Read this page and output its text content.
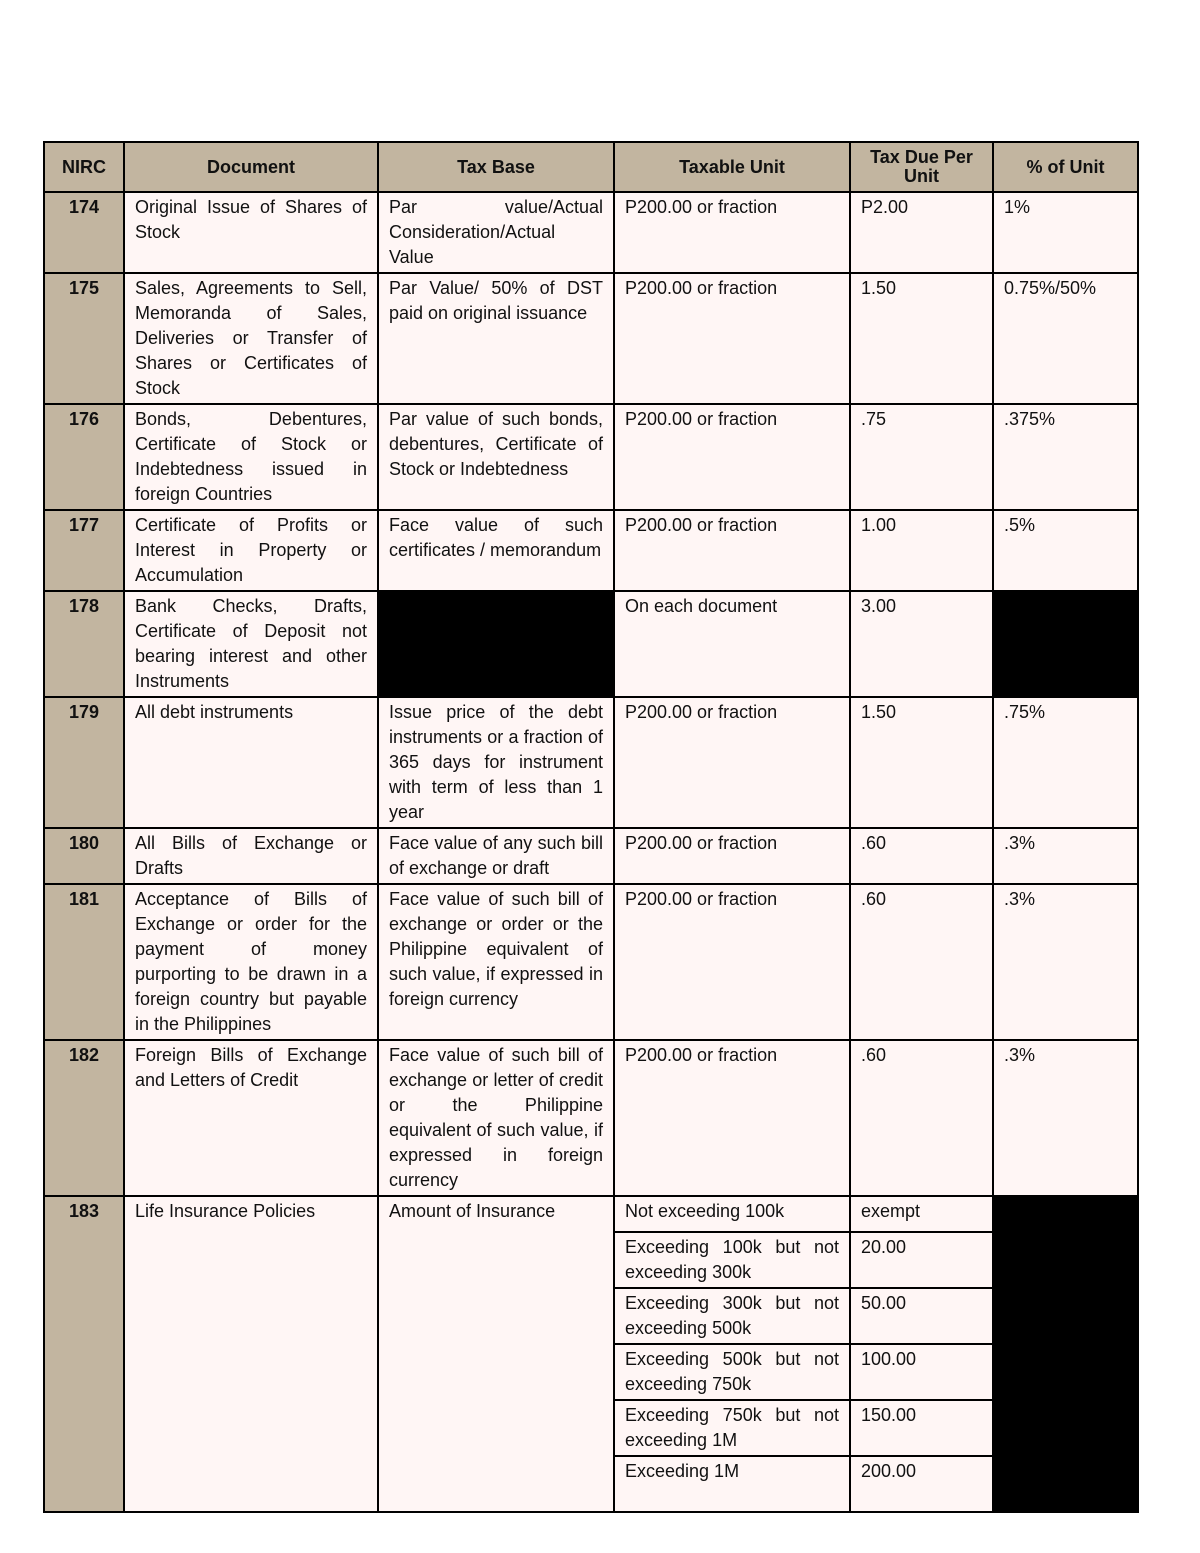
NIRC	Document	Tax Base	Taxable Unit	Tax Due Per Unit	% of Unit
174	Original Issue of Shares of Stock	Par value/Actual Consideration/Actual Value	P200.00 or fraction	P2.00	1%
175	Sales, Agreements to Sell, Memoranda of Sales, Deliveries or Transfer of Shares or Certificates of Stock	Par Value/ 50% of DST paid on original issuance	P200.00 or fraction	1.50	0.75%/50%
176	Bonds, Debentures, Certificate of Stock or Indebtedness issued in foreign Countries	Par value of such bonds, debentures, Certificate of Stock or Indebtedness	P200.00 or fraction	.75	.375%
177	Certificate of Profits or Interest in Property or Accumulation	Face value of such certificates / memorandum	P200.00 or fraction	1.00	.5%
178	Bank Checks, Drafts, Certificate of Deposit not bearing interest and other Instruments		On each document	3.00	
179	All debt instruments	Issue price of the debt instruments or a fraction of 365 days for instrument with term of less than 1 year	P200.00 or fraction	1.50	.75%
180	All Bills of Exchange or Drafts	Face value of any such bill of exchange or draft	P200.00 or fraction	.60	.3%
181	Acceptance of Bills of Exchange or order for the payment of money purporting to be drawn in a foreign country but payable in the Philippines	Face value of such bill of exchange or order or the Philippine equivalent of such value, if expressed in foreign currency	P200.00 or fraction	.60	.3%
182	Foreign Bills of Exchange and Letters of Credit	Face value of such bill of exchange or letter of credit or the Philippine equivalent of such value, if expressed in foreign currency	P200.00 or fraction	.60	.3%
183	Life Insurance Policies	Amount of Insurance	Not exceeding 100k	exempt	
			Exceeding 100k but not exceeding 300k	20.00	
			Exceeding 300k but not exceeding 500k	50.00	
			Exceeding 500k but not exceeding 750k	100.00	
			Exceeding 750k but not exceeding 1M	150.00	
			Exceeding 1M	200.00	
